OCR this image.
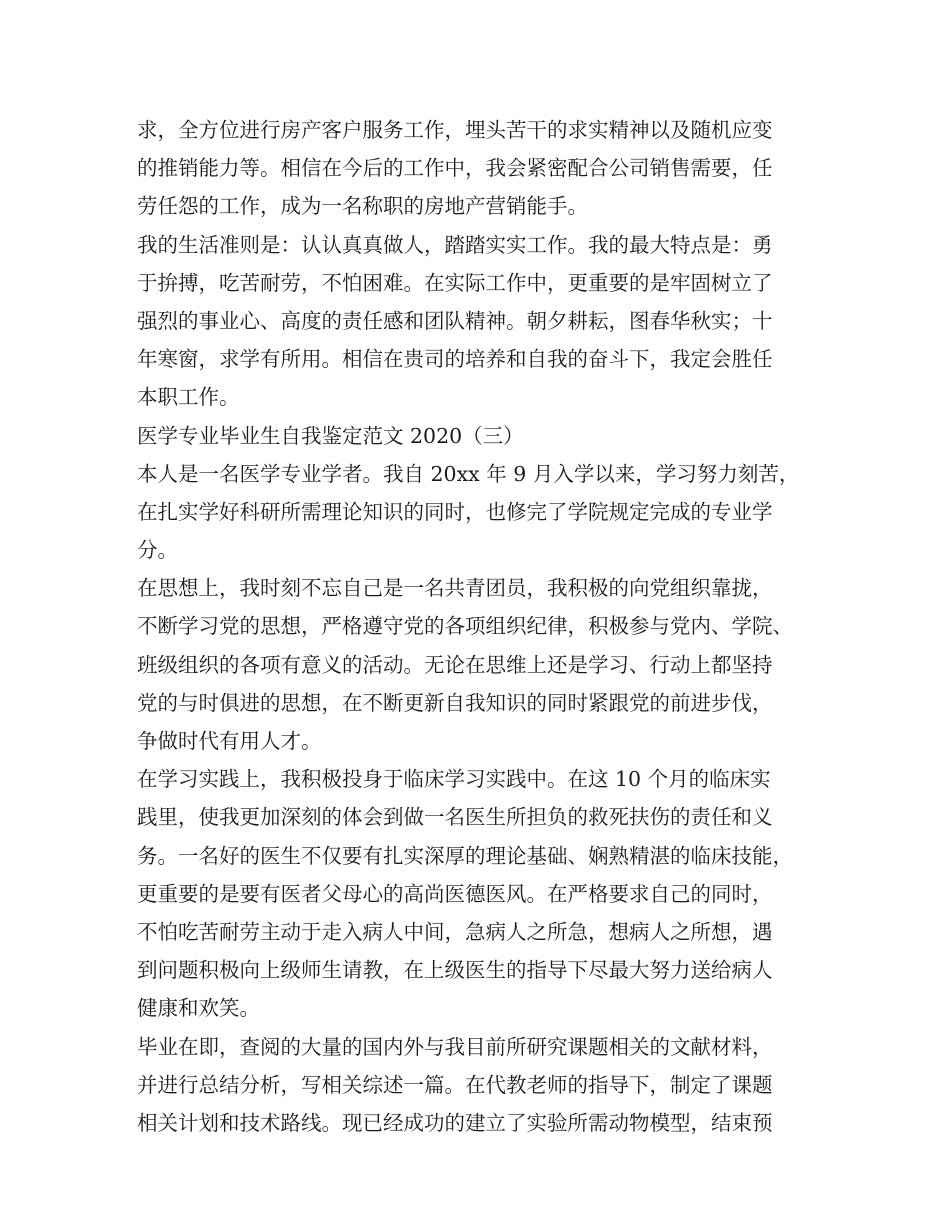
求，全方位进行房产客户服务工作，埋头苦干的求实精神以及随机应变
的推销能力等。相信在今后的工作中，我会紧密配合公司销售需要，任
劳任怨的工作，成为一名称职的房地产营销能手。
我的生活准则是：认认真真做人，踏踏实实工作。我的最大特点是：勇
于拚搏，吃苦耐劳，不怕困难。在实际工作中，更重要的是牢固树立了
强烈的事业心、高度的责任感和团队精神。朝夕耕耘，图春华秋实；十
年寒窗，求学有所用。相信在贵司的培养和自我的奋斗下，我定会胜任
本职工作。
医学专业毕业生自我鉴定范文 2020（三）
本人是一名医学专业学者。我自 20xx 年 9 月入学以来，学习努力刻苦，
在扎实学好科研所需理论知识的同时，也修完了学院规定完成的专业学
分。
在思想上，我时刻不忘自己是一名共青团员，我积极的向党组织靠拢，
不断学习党的思想，严格遵守党的各项组织纪律，积极参与党内、学院、
班级组织的各项有意义的活动。无论在思维上还是学习、行动上都坚持
党的与时俱进的思想，在不断更新自我知识的同时紧跟党的前进步伐，
争做时代有用人才。
在学习实践上，我积极投身于临床学习实践中。在这 10 个月的临床实
践里，使我更加深刻的体会到做一名医生所担负的救死扶伤的责任和义
务。一名好的医生不仅要有扎实深厚的理论基础、娴熟精湛的临床技能，
更重要的是要有医者父母心的高尚医德医风。在严格要求自己的同时，
不怕吃苦耐劳主动于走入病人中间，急病人之所急，想病人之所想，遇
到问题积极向上级师生请教，在上级医生的指导下尽最大努力送给病人
健康和欢笑。
毕业在即，查阅的大量的国内外与我目前所研究课题相关的文献材料，
并进行总结分析，写相关综述一篇。在代教老师的指导下，制定了课题
相关计划和技术路线。现已经成功的建立了实验所需动物模型，结束预
